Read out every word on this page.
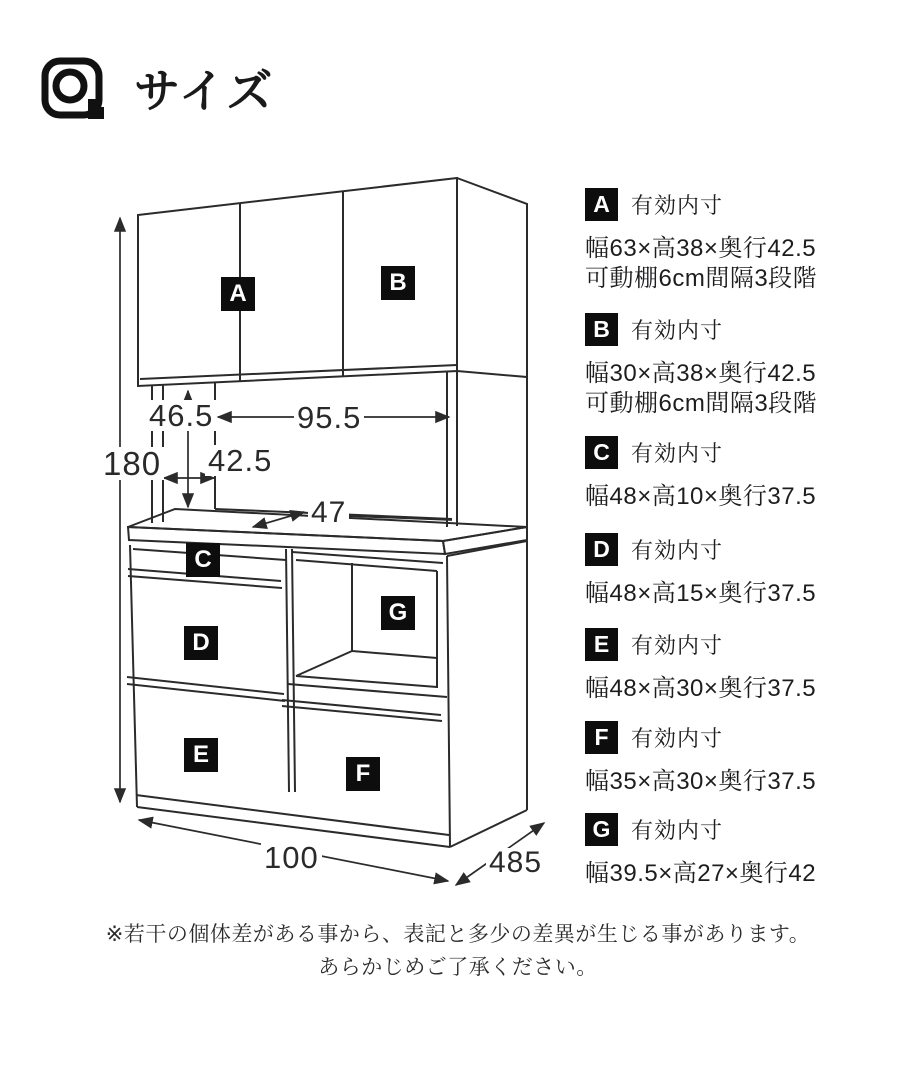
サイズ
A	B
C
D
E
F
G
180
46.5	95.5
42.5
47
100	485
A 有効内寸
幅63×高38×奥行42.5
可動棚6cm間隔3段階
B 有効内寸
幅30×高38×奥行42.5
可動棚6cm間隔3段階
C 有効内寸
幅48×高10×奥行37.5
D 有効内寸
幅48×高15×奥行37.5
E 有効内寸
幅48×高30×奥行37.5
F	有効内寸
幅35×高30×奥行37.5
G 有効内寸
幅39.5×高27×奥行42
※若干の個体差がある事から、表記と多少の差異が生じる事があります。
あらかじめご了承ください。
